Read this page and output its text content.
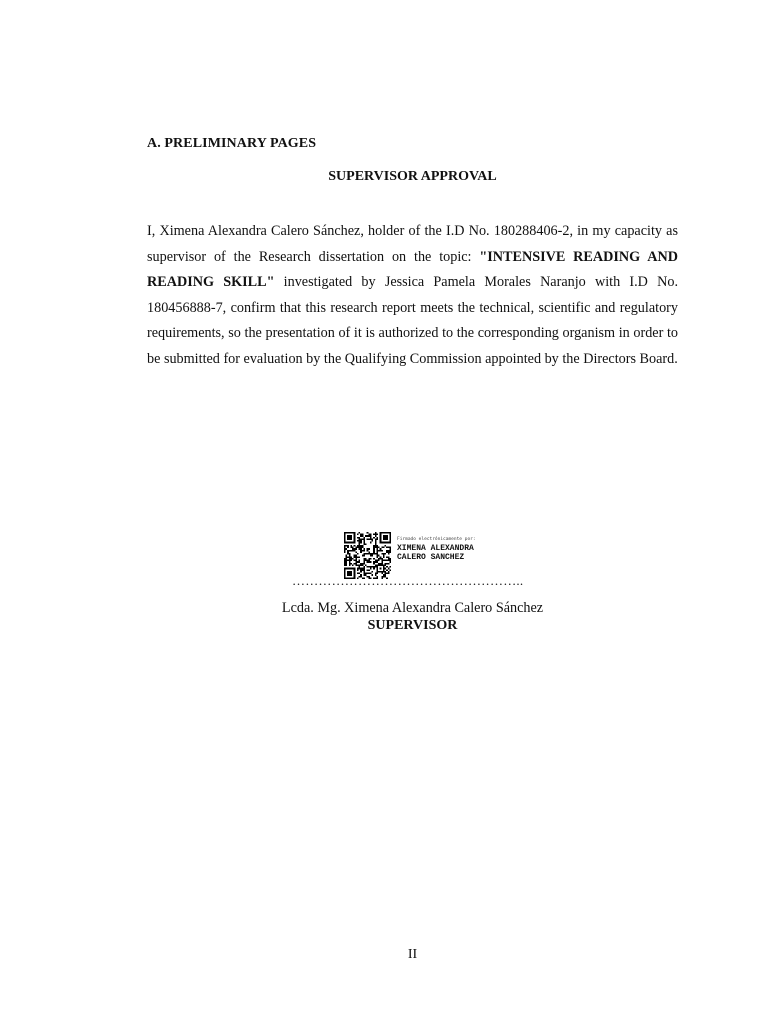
A. PRELIMINARY PAGES
SUPERVISOR APPROVAL
I, Ximena Alexandra Calero Sánchez, holder of the I.D No. 180288406-2, in my capacity as supervisor of the Research dissertation on the topic: "INTENSIVE READING AND READING SKILL" investigated by Jessica Pamela Morales Naranjo with I.D No. 180456888-7, confirm that this research report meets the technical, scientific and regulatory requirements, so the presentation of it is authorized to the corresponding organism in order to be submitted for evaluation by the Qualifying Commission appointed by the Directors Board.
Firmado electrónicamente por:
XIMENA ALEXANDRA
CALERO SANCHEZ
……………………………………………..
Lcda. Mg. Ximena Alexandra Calero Sánchez
SUPERVISOR
II
